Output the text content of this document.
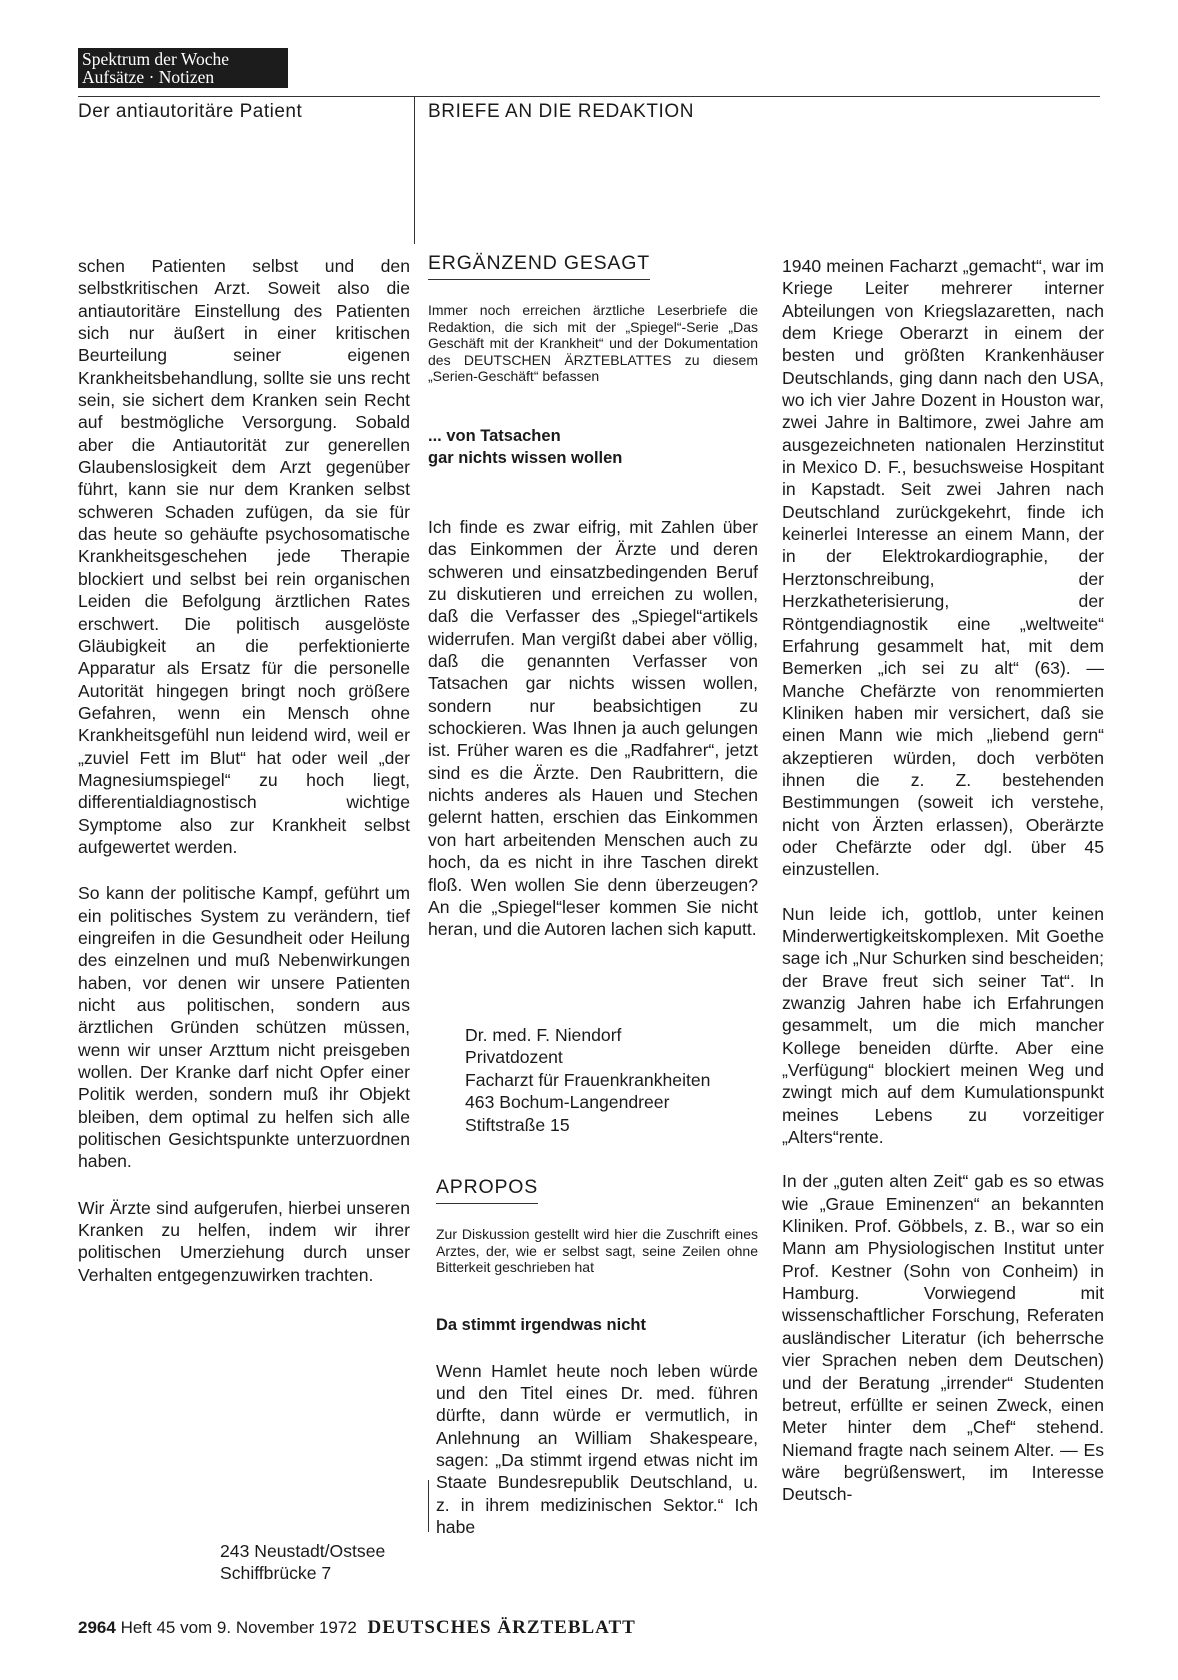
Spektrum der Woche
Aufsätze · Notizen
Der antiautoritäre Patient	BRIEFE AN DIE REDAKTION

schen Patienten selbst und den selbstkritischen Arzt. Soweit also die antiautoritäre Einstellung des Patienten sich nur äußert in einer kritischen Beurteilung seiner eigenen Krankheitsbehandlung, sollte sie uns recht sein, sie sichert dem Kranken sein Recht auf bestmögliche Versorgung. Sobald aber die Antiautorität zur generellen Glaubenslosigkeit dem Arzt gegenüber führt, kann sie nur dem Kranken selbst schweren Schaden zufügen, da sie für das heute so gehäufte psychosomatische Krankheitsgeschehen jede Therapie blockiert und selbst bei rein organischen Leiden die Befolgung ärztlichen Rates erschwert. Die politisch ausgelöste Gläubigkeit an die perfektionierte Apparatur als Ersatz für die personelle Autorität hingegen bringt noch größere Gefahren, wenn ein Mensch ohne Krankheitsgefühl nun leidend wird, weil er „zuviel Fett im Blut“ hat oder weil „der Magnesiumspiegel“ zu hoch liegt, differentialdiagnostisch wichtige Symptome also zur Krankheit selbst aufgewertet werden.

So kann der politische Kampf, geführt um ein politisches System zu verändern, tief eingreifen in die Gesundheit oder Heilung des einzelnen und muß Nebenwirkungen haben, vor denen wir unsere Patienten nicht aus politischen, sondern aus ärztlichen Gründen schützen müssen, wenn wir unser Arzttum nicht preisgeben wollen. Der Kranke darf nicht Opfer einer Politik werden, sondern muß ihr Objekt bleiben, dem optimal zu helfen sich alle politischen Gesichtspunkte unterzuordnen haben.

Wir Ärzte sind aufgerufen, hierbei unseren Kranken zu helfen, indem wir ihrer politischen Umerziehung durch unser Verhalten entgegenzuwirken trachten.

243 Neustadt/Ostsee
Schiffbrücke 7
ERGÄNZEND GESAGT
Immer noch erreichen ärztliche Leserbriefe die Redaktion, die sich mit der „Spiegel“-Serie „Das Geschäft mit der Krankheit“ und der Dokumentation des DEUTSCHEN ÄRZTEBLATTES zu diesem „Serien-Geschäft“ befassen
... von Tatsachen
gar nichts wissen wollen

Ich finde es zwar eifrig, mit Zahlen über das Einkommen der Ärzte und deren schweren und einsatzbedingenden Beruf zu diskutieren und erreichen zu wollen, daß die Verfasser des „Spiegel“artikels widerrufen. Man vergißt dabei aber völlig, daß die genannten Verfasser von Tatsachen gar nichts wissen wollen, sondern nur beabsichtigen zu schockieren. Was Ihnen ja auch gelungen ist. Früher waren es die „Radfahrer“, jetzt sind es die Ärzte. Den Raubrittern, die nichts anderes als Hauen und Stechen gelernt hatten, erschien das Einkommen von hart arbeitenden Menschen auch zu hoch, da es nicht in ihre Taschen direkt floß. Wen wollen Sie denn überzeugen? An die „Spiegel“leser kommen Sie nicht heran, und die Autoren lachen sich kaputt.

Dr. med. F. Niendorf
Privatdozent
Facharzt für Frauenkrankheiten
463 Bochum-Langendreer
Stiftstraße 15
APROPOS
Zur Diskussion gestellt wird hier die Zuschrift eines Arztes, der, wie er selbst sagt, seine Zeilen ohne Bitterkeit geschrieben hat
Da stimmt irgendwas nicht
Wenn Hamlet heute noch leben würde und den Titel eines Dr. med. führen dürfte, dann würde er vermutlich, in Anlehnung an William Shakespeare, sagen: „Da stimmt irgend etwas nicht im Staate Bundesrepublik Deutschland, u. z. in ihrem medizinischen Sektor.“ Ich habe

1940 meinen Facharzt „gemacht“, war im Kriege Leiter mehrerer interner Abteilungen von Kriegslazaretten, nach dem Kriege Oberarzt in einem der besten und größten Krankenhäuser Deutschlands, ging dann nach den USA, wo ich vier Jahre Dozent in Houston war, zwei Jahre in Baltimore, zwei Jahre am ausgezeichneten nationalen Herzinstitut in Mexico D. F., besuchsweise Hospitant in Kapstadt. Seit zwei Jahren nach Deutschland zurückgekehrt, finde ich keinerlei Interesse an einem Mann, der in der Elektrokardiographie, der Herztonschreibung, der Herzkatheterisierung, der Röntgendiagnostik eine „weltweite“ Erfahrung gesammelt hat, mit dem Bemerken „ich sei zu alt“ (63). — Manche Chefärzte von renommierten Kliniken haben mir versichert, daß sie einen Mann wie mich „liebend gern“ akzeptieren würden, doch verböten ihnen die z. Z. bestehenden Bestimmungen (soweit ich verstehe, nicht von Ärzten erlassen), Oberärzte oder Chefärzte oder dgl. über 45 einzustellen.

Nun leide ich, gottlob, unter keinen Minderwertigkeitskomplexen. Mit Goethe sage ich „Nur Schurken sind bescheiden; der Brave freut sich seiner Tat“. In zwanzig Jahren habe ich Erfahrungen gesammelt, um die mich mancher Kollege beneiden dürfte. Aber eine „Verfügung“ blockiert meinen Weg und zwingt mich auf dem Kumulationspunkt meines Lebens zu vorzeitiger „Alters“rente.

In der „guten alten Zeit“ gab es so etwas wie „Graue Eminenzen“ an bekannten Kliniken. Prof. Göbbels, z. B., war so ein Mann am Physiologischen Institut unter Prof. Kestner (Sohn von Conheim) in Hamburg. Vorwiegend mit wissenschaftlicher Forschung, Referaten ausländischer Literatur (ich beherrsche vier Sprachen neben dem Deutschen) und der Beratung „irrender“ Studenten betreut, erfüllte er seinen Zweck, einen Meter hinter dem „Chef“ stehend. Niemand fragte nach seinem Alter. — Es wäre begrüßenswert, im Interesse Deutsch-

2964 Heft 45 vom 9. November 1972 DEUTSCHES ÄRZTEBLATT
